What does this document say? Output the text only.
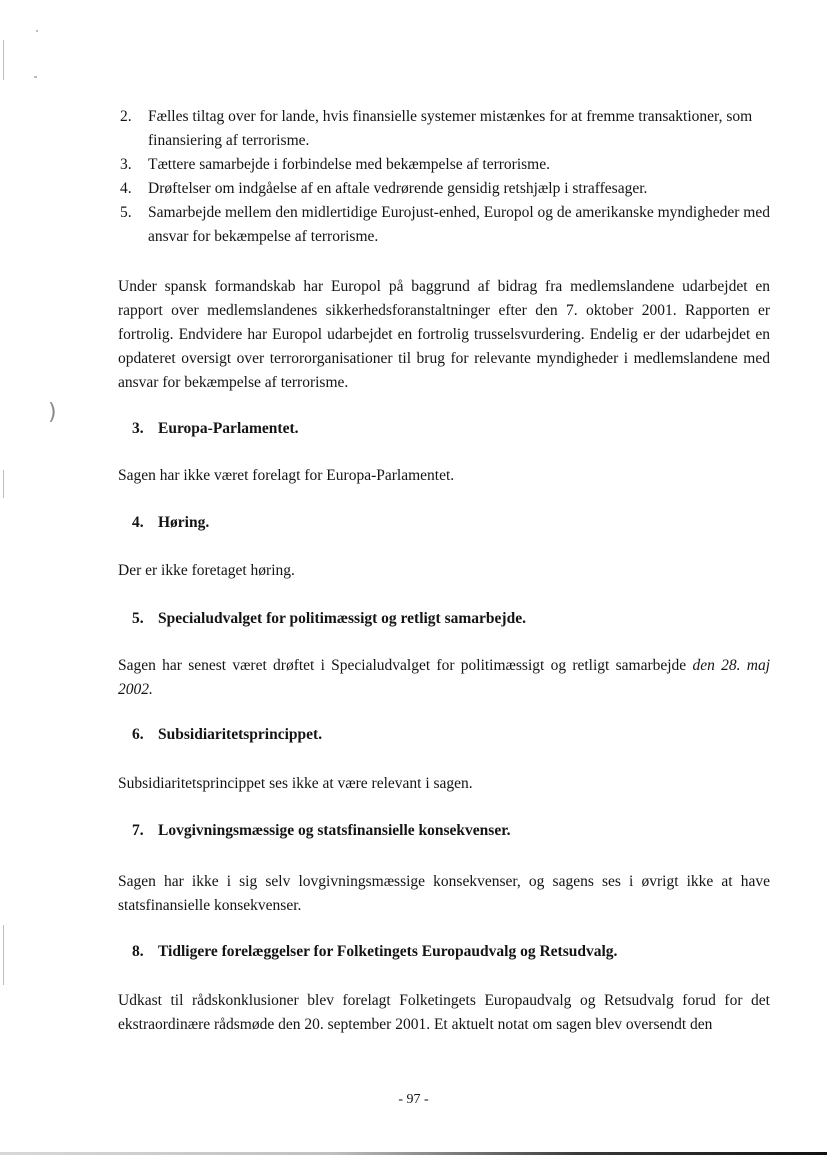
)
2.	Fælles tiltag over for lande, hvis finansielle systemer mistænkes for at fremme transaktioner, som finansiering af terrorisme.
3.	Tættere samarbejde i forbindelse med bekæmpelse af terrorisme.
4.	Drøftelser om indgåelse af en aftale vedrørende gensidig retshjælp i straffesager.
5.	Samarbejde mellem den midlertidige Eurojust-enhed, Europol og de amerikanske myndigheder med ansvar for bekæmpelse af terrorisme.
Under spansk formandskab har Europol på baggrund af bidrag fra medlemslandene udarbejdet en rapport over medlemslandenes sikkerhedsforanstaltninger efter den 7. oktober 2001. Rapporten er fortrolig. Endvidere har Europol udarbejdet en fortrolig trusselsvurdering. Endelig er der udarbejdet en opdateret oversigt over terrororganisationer til brug for relevante myndigheder i medlemslandene med ansvar for bekæmpelse af terrorisme.
3. Europa-Parlamentet.
Sagen har ikke været forelagt for Europa-Parlamentet.
4. Høring.
Der er ikke foretaget høring.
5. Specialudvalget for politimæssigt og retligt samarbejde.
Sagen har senest været drøftet i Specialudvalget for politimæssigt og retligt samarbejde den 28. maj 2002.
6. Subsidiaritetsprincippet.
Subsidiaritetsprincippet ses ikke at være relevant i sagen.
7. Lovgivningsmæssige og statsfinansielle konsekvenser.
Sagen har ikke i sig selv lovgivningsmæssige konsekvenser, og sagens ses i øvrigt ikke at have statsfinansielle konsekvenser.
8. Tidligere forelæggelser for Folketingets Europaudvalg og Retsudvalg.
Udkast til rådskonklusioner blev forelagt Folketingets Europaudvalg og Retsudvalg forud for det ekstraordinære rådsmøde den 20. september 2001. Et aktuelt notat om sagen blev oversendt den
- 97 -
